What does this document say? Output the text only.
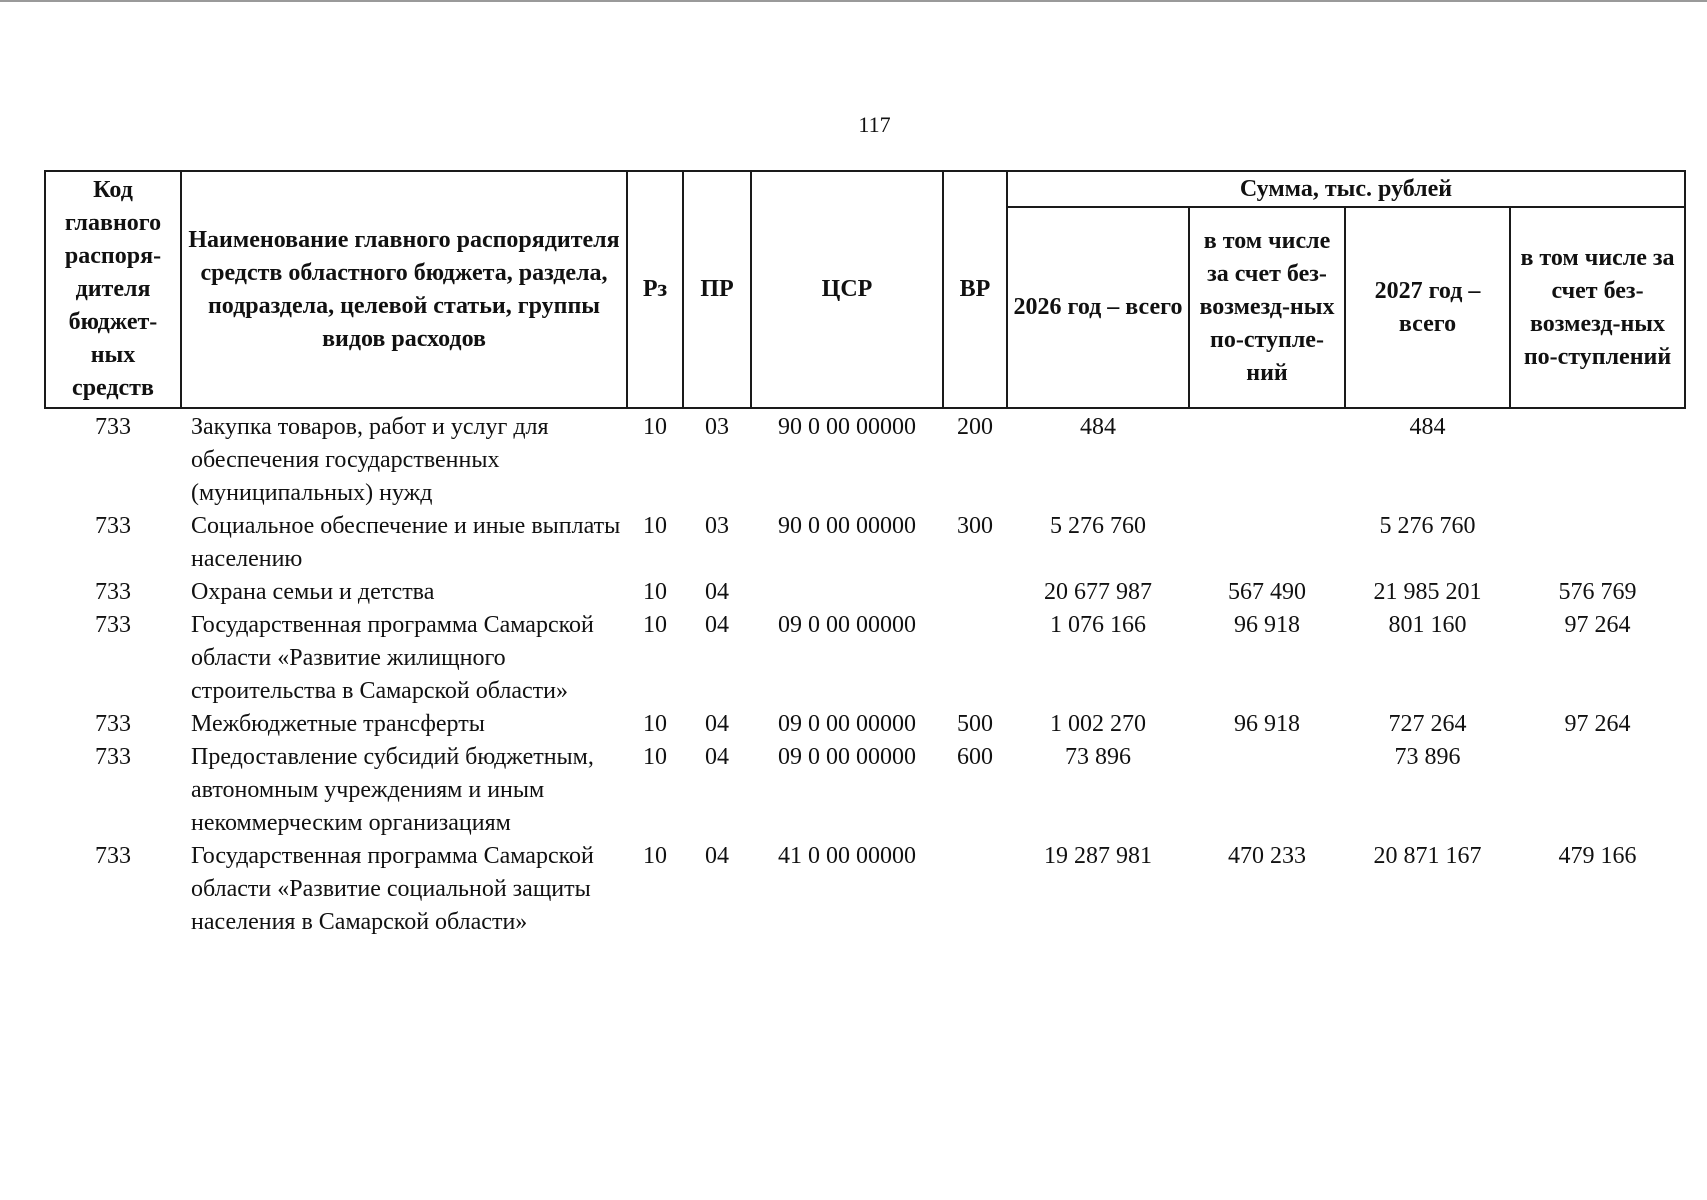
117
Код главного распоря-дителя бюджет-ных средств	Наименование главного распорядителя средств областного бюджета, раздела, подраздела, целевой статьи, группы видов расходов	Рз	ПР	ЦСР	ВР	Сумма, тыс. рублей			
						2026 год – всего	в том числе за счет без-возмезд-ных по-ступле-ний	2027 год – всего	в том числе за счет без-возмезд-ных по-ступлений
733	Закупка товаров, работ и услуг для обеспечения государственных (муниципальных) нужд	10	03	90 0 00 00000	200	484		484	
733	Социальное обеспечение и иные выплаты населению	10	03	90 0 00 00000	300	5 276 760		5 276 760	
733	Охрана семьи и детства	10	04			20 677 987	567 490	21 985 201	576 769
733	Государственная программа Самарской области «Развитие жилищного строительства в Самарской области»	10	04	09 0 00 00000		1 076 166	96 918	801 160	97 264
733	Межбюджетные трансферты	10	04	09 0 00 00000	500	1 002 270	96 918	727 264	97 264
733	Предоставление субсидий бюджетным, автономным учреждениям и иным некоммерческим организациям	10	04	09 0 00 00000	600	73 896		73 896	
733	Государственная программа Самарской области «Развитие социальной защиты населения в Самарской области»	10	04	41 0 00 00000		19 287 981	470 233	20 871 167	479 166
